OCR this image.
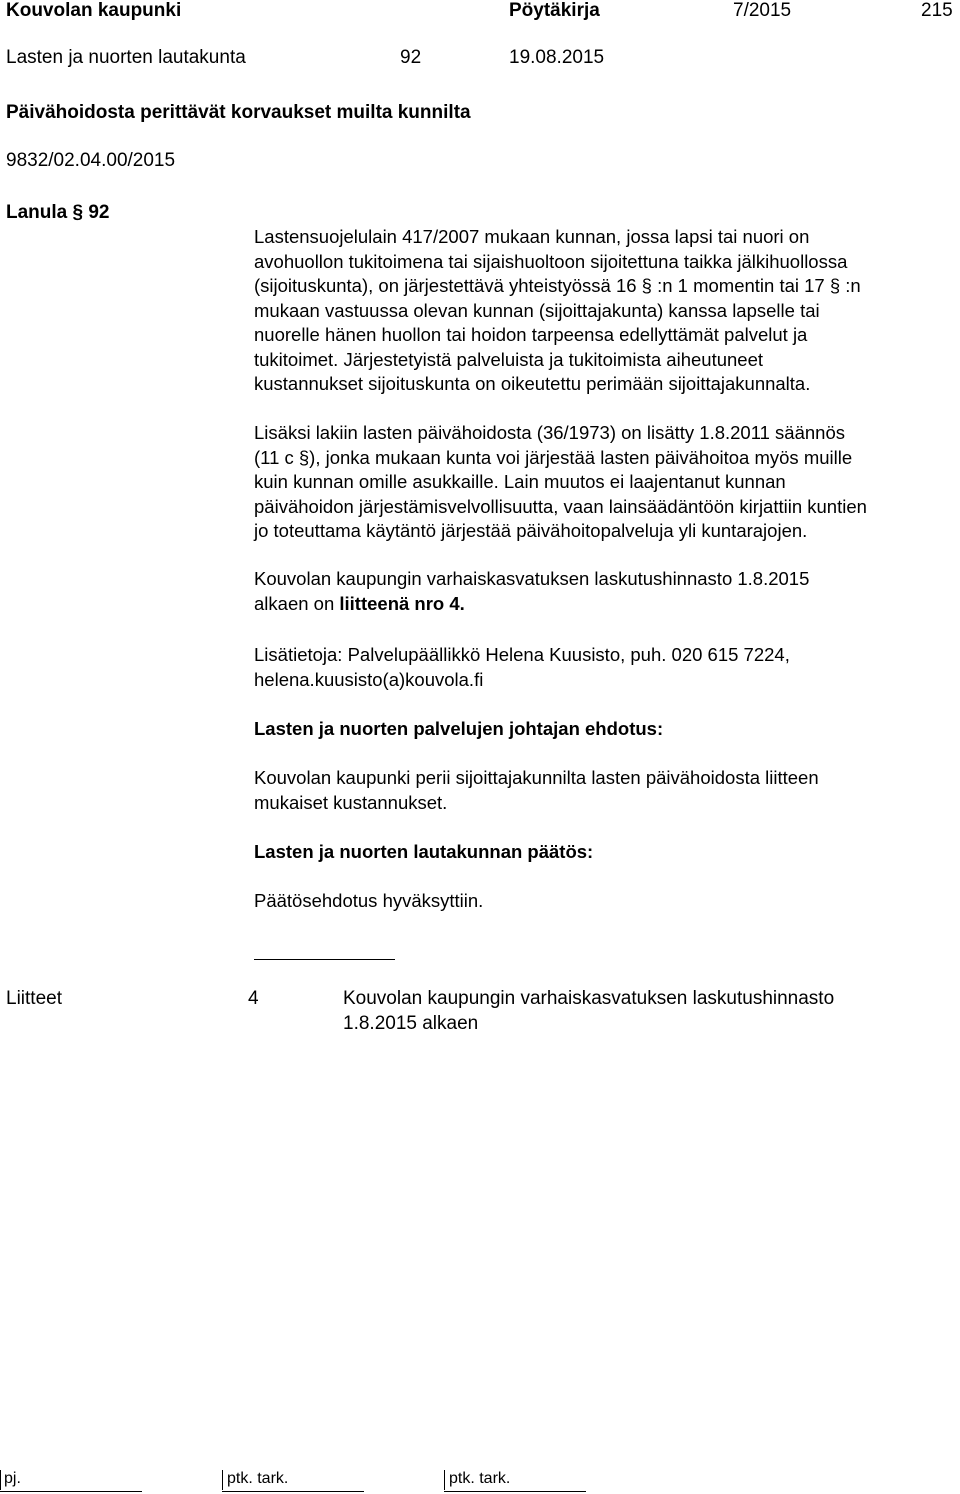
Kouvolan kaupunki	Pöytäkirja	7/2015	215
Lasten ja nuorten lautakunta	92	19.08.2015
Päivähoidosta perittävät korvaukset muilta kunnilta
9832/02.04.00/2015
Lanula § 92

Lastensuojelulain 417/2007 mukaan kunnan, jossa lapsi tai nuori on

avohuollon tukitoimena tai sijaishuoltoon sijoitettuna taikka jälkihuollossa

(sijoituskunta), on järjestettävä yhteistyössä 16 § :n 1 momentin tai 17 § :n

mukaan vastuussa olevan kunnan (sijoittajakunta) kanssa lapselle tai

nuorelle hänen huollon tai hoidon tarpeensa edellyttämät palvelut ja

tukitoimet. Järjestetyistä palveluista ja tukitoimista aiheutuneet

kustannukset sijoituskunta on oikeutettu perimään sijoittajakunnalta.

Lisäksi lakiin lasten päivähoidosta (36/1973) on lisätty 1.8.2011 säännös

(11 c §), jonka mukaan kunta voi järjestää lasten päivähoitoa myös muille

kuin kunnan omille asukkaille. Lain muutos ei laajentanut kunnan

päivähoidon järjestämisvelvollisuutta, vaan lainsäädäntöön kirjattiin kuntien

jo toteuttama käytäntö järjestää päivähoitopalveluja yli kuntarajojen.

Kouvolan kaupungin varhaiskasvatuksen laskutushinnasto 1.8.2015

alkaen on liitteenä nro 4.

Lisätietoja: Palvelupäällikkö Helena Kuusisto, puh. 020 615 7224,

helena.kuusisto(a)kouvola.fi

Lasten ja nuorten palvelujen johtajan ehdotus:

Kouvolan kaupunki perii sijoittajakunnilta lasten päivähoidosta liitteen

mukaiset kustannukset.

Lasten ja nuorten lautakunnan päätös:
Päätösehdotus hyväksyttiin.
Liitteet	4	Kouvolan kaupungin varhaiskasvatuksen laskutushinnasto
1.8.2015 alkaen
pj.	ptk. tark.	ptk. tark.
